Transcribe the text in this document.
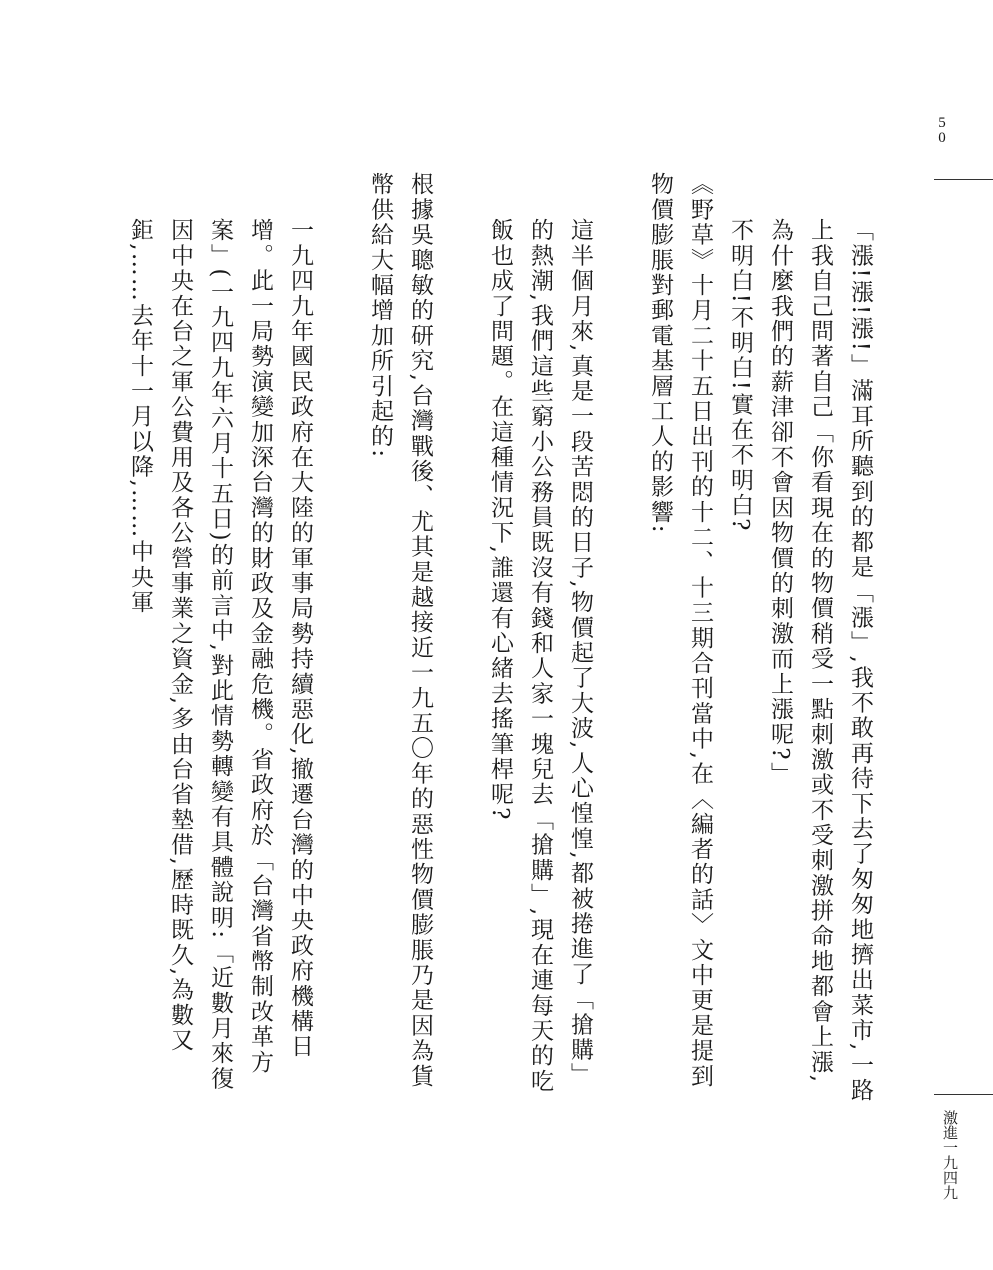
50
激進一九四九

「漲!漲!漲!」滿耳所聽到的都是「漲」,我不敢再待下去了匆匆地擠出菜市,一路上我自己問著自己「你看現在的物價稍受一點刺激或不受刺激拼命地都會上漲,為什麼我們的薪津卻不會因物價的刺激而上漲呢?」

不明白!不明白!實在不明白?

《野草》十月二十五日出刊的十二、十三期合刊當中,在〈編者的話〉文中更是提到物價膨脹對郵電基層工人的影響:

這半個月來,真是一段苦悶的日子,物價起了大波,人心惶惶,都被捲進了「搶購」的熱潮,我們這些窮小公務員既沒有錢和人家一塊兒去「搶購」,現在連每天的吃飯也成了問題。在這種情況下,誰還有心緒去搖筆桿呢?

根據吳聰敏的研究,台灣戰後、尤其是越接近一九五〇年的惡性物價膨脹乃是因為貨幣供給大幅增加所引起的:

一九四九年國民政府在大陸的軍事局勢持續惡化,撤遷台灣的中央政府機構日增。此一局勢演變加深台灣的財政及金融危機。省政府於「台灣省幣制改革方案」(一九四九年六月十五日)的前言中,對此情勢轉變有具體說明:「近數月來復因中央在台之軍公費用及各公營事業之資金,多由台省墊借,歷時既久,為數又鉅,……去年十一月以降,……中央軍
